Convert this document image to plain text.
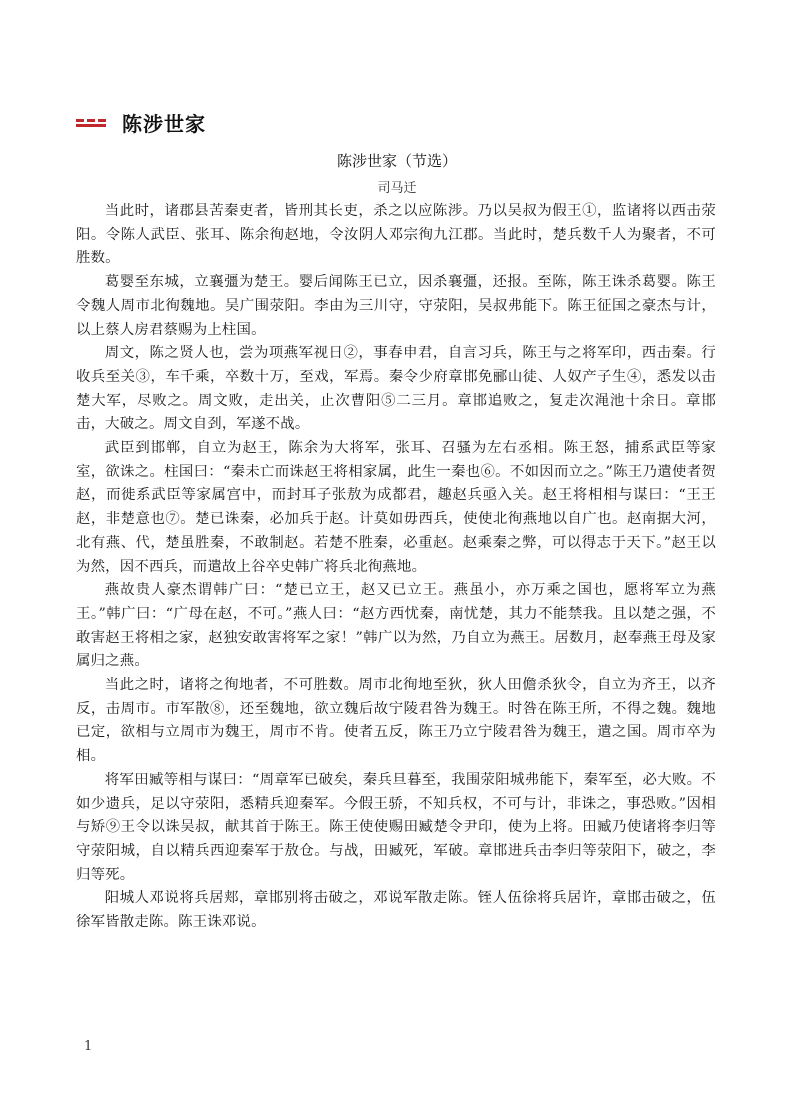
陈涉世家
陈涉世家（节选）
司马迁

当此时，诸郡县苦秦吏者，皆刑其长吏，杀之以应陈涉。乃以吴叔为假王①，监诸将以西击荥阳。令陈人武臣、张耳、陈余徇赵地，令汝阴人邓宗徇九江郡。当此时，楚兵数千人为聚者，不可胜数。

葛婴至东城，立襄彊为楚王。婴后闻陈王已立，因杀襄彊，还报。至陈，陈王诛杀葛婴。陈王令魏人周市北徇魏地。吴广围荥阳。李由为三川守，守荥阳，吴叔弗能下。陈王征国之豪杰与计，以上蔡人房君蔡赐为上柱国。

周文，陈之贤人也，尝为项燕军视日②，事春申君，自言习兵，陈王与之将军印，西击秦。行收兵至关③，车千乘，卒数十万，至戏，军焉。秦令少府章邯免郦山徒、人奴产子生④，悉发以击楚大军，尽败之。周文败，走出关，止次曹阳⑤二三月。章邯追败之，复走次渑池十余日。章邯击，大破之。周文自刭，军遂不战。

武臣到邯郸，自立为赵王，陈余为大将军，张耳、召骚为左右丞相。陈王怒，捕系武臣等家室，欲诛之。柱国曰：“秦未亡而诛赵王将相家属，此生一秦也⑥。不如因而立之。”陈王乃遣使者贺赵，而徙系武臣等家属宫中，而封耳子张敖为成都君，趣赵兵亟入关。赵王将相相与谋曰：“王王赵，非楚意也⑦。楚已诛秦，必加兵于赵。计莫如毋西兵，使使北徇燕地以自广也。赵南据大河，北有燕、代，楚虽胜秦，不敢制赵。若楚不胜秦，必重赵。赵乘秦之弊，可以得志于天下。”赵王以为然，因不西兵，而遣故上谷卒史韩广将兵北徇燕地。

燕故贵人豪杰谓韩广曰：“楚已立王，赵又已立王。燕虽小，亦万乘之国也，愿将军立为燕王。”韩广曰：“广母在赵，不可。”燕人曰：“赵方西忧秦，南忧楚，其力不能禁我。且以楚之强，不敢害赵王将相之家，赵独安敢害将军之家！”韩广以为然，乃自立为燕王。居数月，赵奉燕王母及家属归之燕。

当此之时，诸将之徇地者，不可胜数。周市北徇地至狄，狄人田儋杀狄令，自立为齐王，以齐反，击周市。市军散⑧，还至魏地，欲立魏后故宁陵君咎为魏王。时咎在陈王所，不得之魏。魏地已定，欲相与立周市为魏王，周市不肯。使者五反，陈王乃立宁陵君咎为魏王，遣之国。周市卒为相。

将军田臧等相与谋曰：“周章军已破矣，秦兵旦暮至，我围荥阳城弗能下，秦军至，必大败。不如少遗兵，足以守荥阳，悉精兵迎秦军。今假王骄，不知兵权，不可与计，非诛之，事恐败。”因相与矫⑨王令以诛吴叔，献其首于陈王。陈王使使赐田臧楚令尹印，使为上将。田臧乃使诸将李归等守荥阳城，自以精兵西迎秦军于敖仓。与战，田臧死，军破。章邯进兵击李归等荥阳下，破之，李归等死。

阳城人邓说将兵居郏，章邯别将击破之，邓说军散走陈。铚人伍徐将兵居许，章邯击破之，伍徐军皆散走陈。陈王诛邓说。

1
